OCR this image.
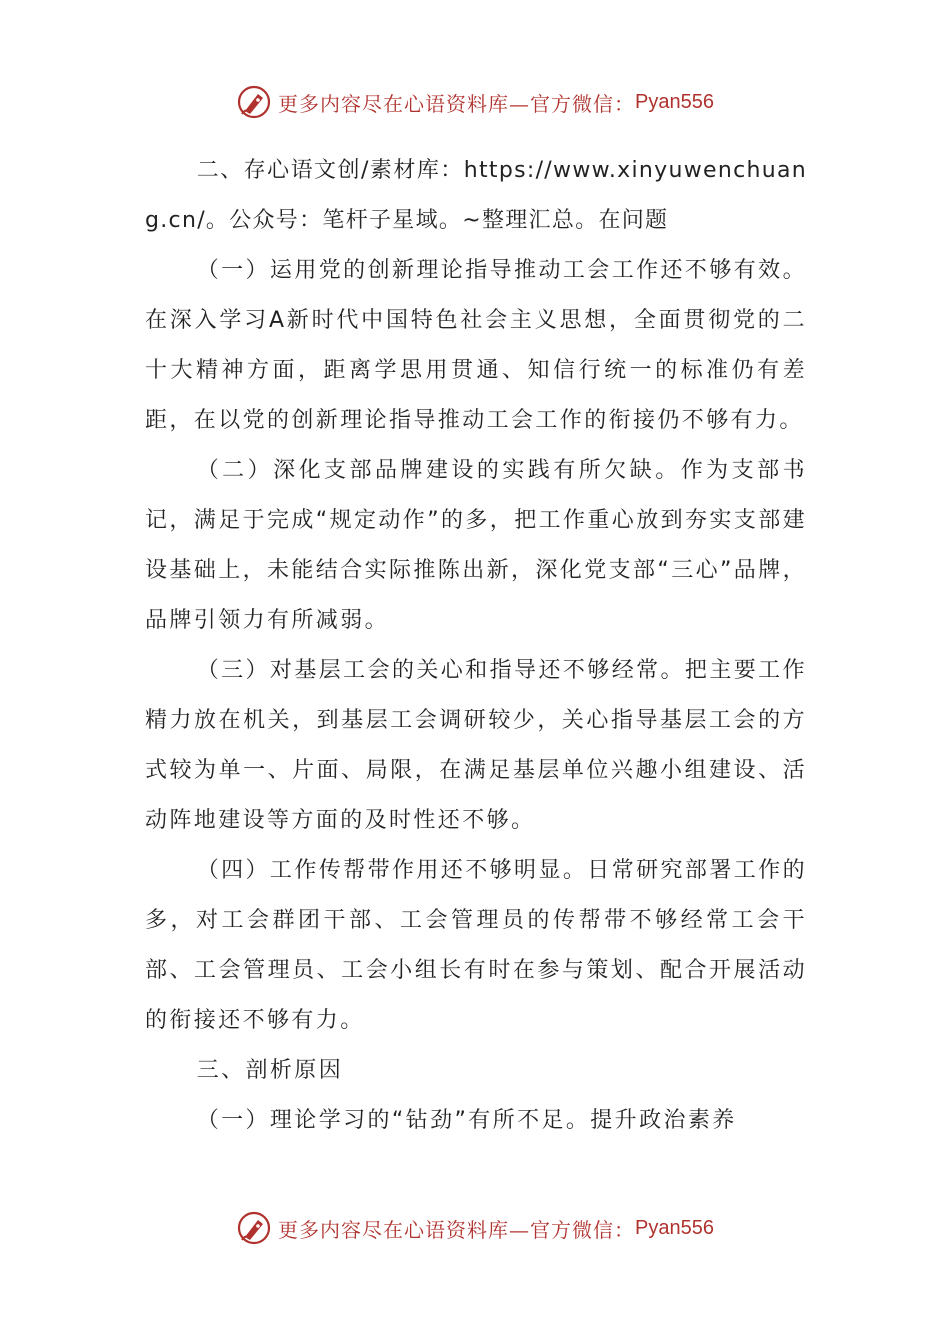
更多内容尽在心语资料库—官方微信： Pyan556

二、存心语文创/素材库：https://www.xinyuwenchuang.cn/。公众号：笔杆子星域。~整理汇总。在问题

（一）运用党的创新理论指导推动工会工作还不够有效。在深入学习A新时代中国特色社会主义思想，全面贯彻党的二十大精神方面，距离学思用贯通、知信行统一的标准仍有差距，在以党的创新理论指导推动工会工作的衔接仍不够有力。

（二）深化支部品牌建设的实践有所欠缺。作为支部书记，满足于完成“规定动作”的多，把工作重心放到夯实支部建设基础上，未能结合实际推陈出新，深化党支部“三心”品牌，品牌引领力有所减弱。

（三）对基层工会的关心和指导还不够经常。把主要工作精力放在机关，到基层工会调研较少，关心指导基层工会的方式较为单一、片面、局限，在满足基层单位兴趣小组建设、活动阵地建设等方面的及时性还不够。

（四）工作传帮带作用还不够明显。日常研究部署工作的多，对工会群团干部、工会管理员的传帮带不够经常工会干部、工会管理员、工会小组长有时在参与策划、配合开展活动的衔接还不够有力。

三、剖析原因

（一）理论学习的“钻劲”有所不足。提升政治素养

更多内容尽在心语资料库—官方微信： Pyan556
